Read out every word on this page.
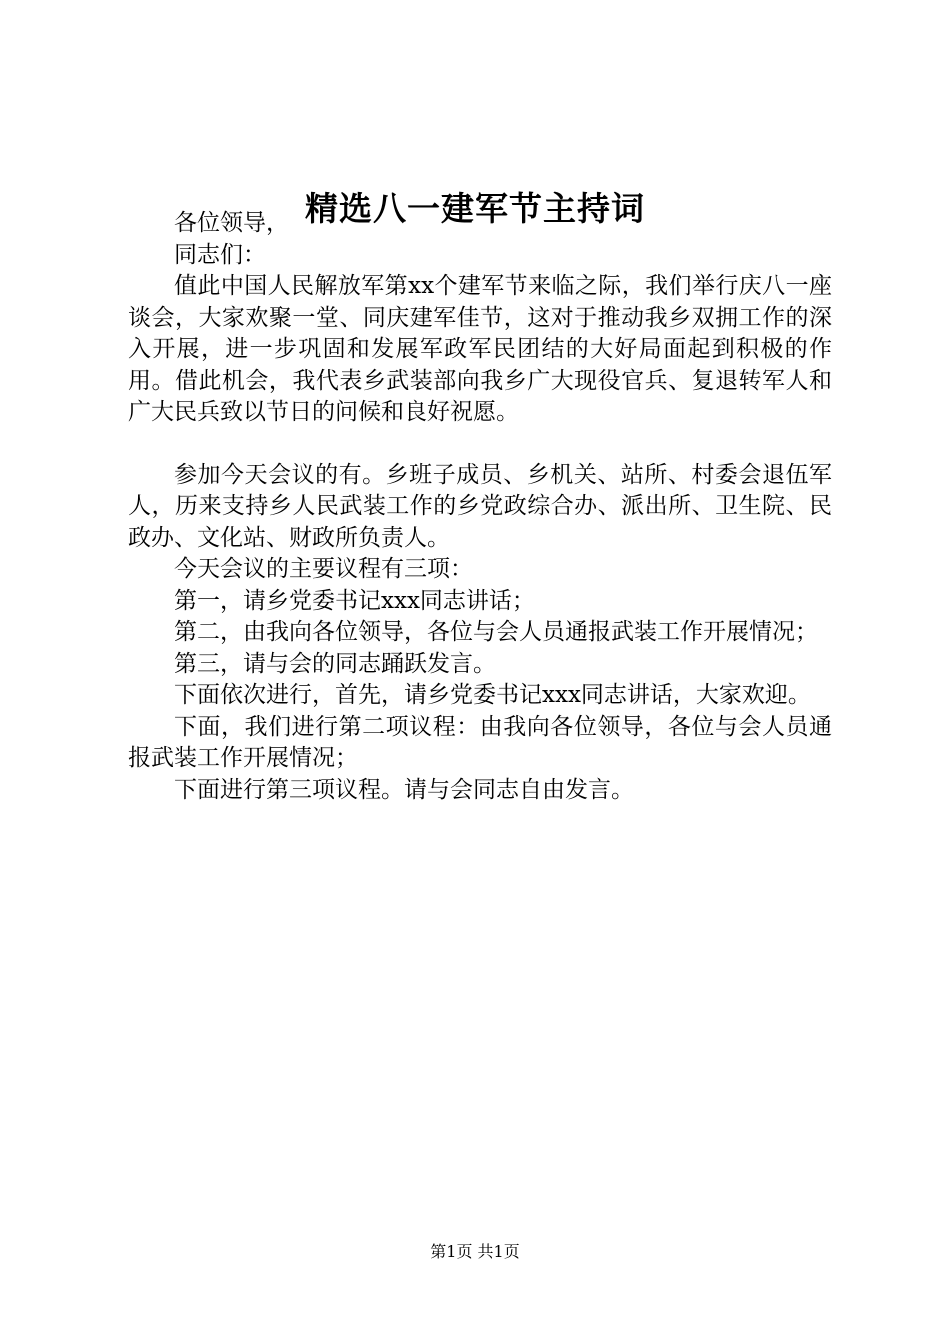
精选八一建军节主持词

各位领导，

同志们：

值此中国人民解放军第xx个建军节来临之际，我们举行庆八一座谈会，大家欢聚一堂、同庆建军佳节，这对于推动我乡双拥工作的深入开展，进一步巩固和发展军政军民团结的大好局面起到积极的作用。借此机会，我代表乡武装部向我乡广大现役官兵、复退转军人和广大民兵致以节日的问候和良好祝愿。

参加今天会议的有。乡班子成员、乡机关、站所、村委会退伍军人，历来支持乡人民武装工作的乡党政综合办、派出所、卫生院、民政办、文化站、财政所负责人。

今天会议的主要议程有三项：

第一，请乡党委书记xxx同志讲话；

第二，由我向各位领导，各位与会人员通报武装工作开展情况；

第三，请与会的同志踊跃发言。

下面依次进行，首先，请乡党委书记xxx同志讲话，大家欢迎。

下面，我们进行第二项议程：由我向各位领导，各位与会人员通报武装工作开展情况；

下面进行第三项议程。请与会同志自由发言。

第1页 共1页
